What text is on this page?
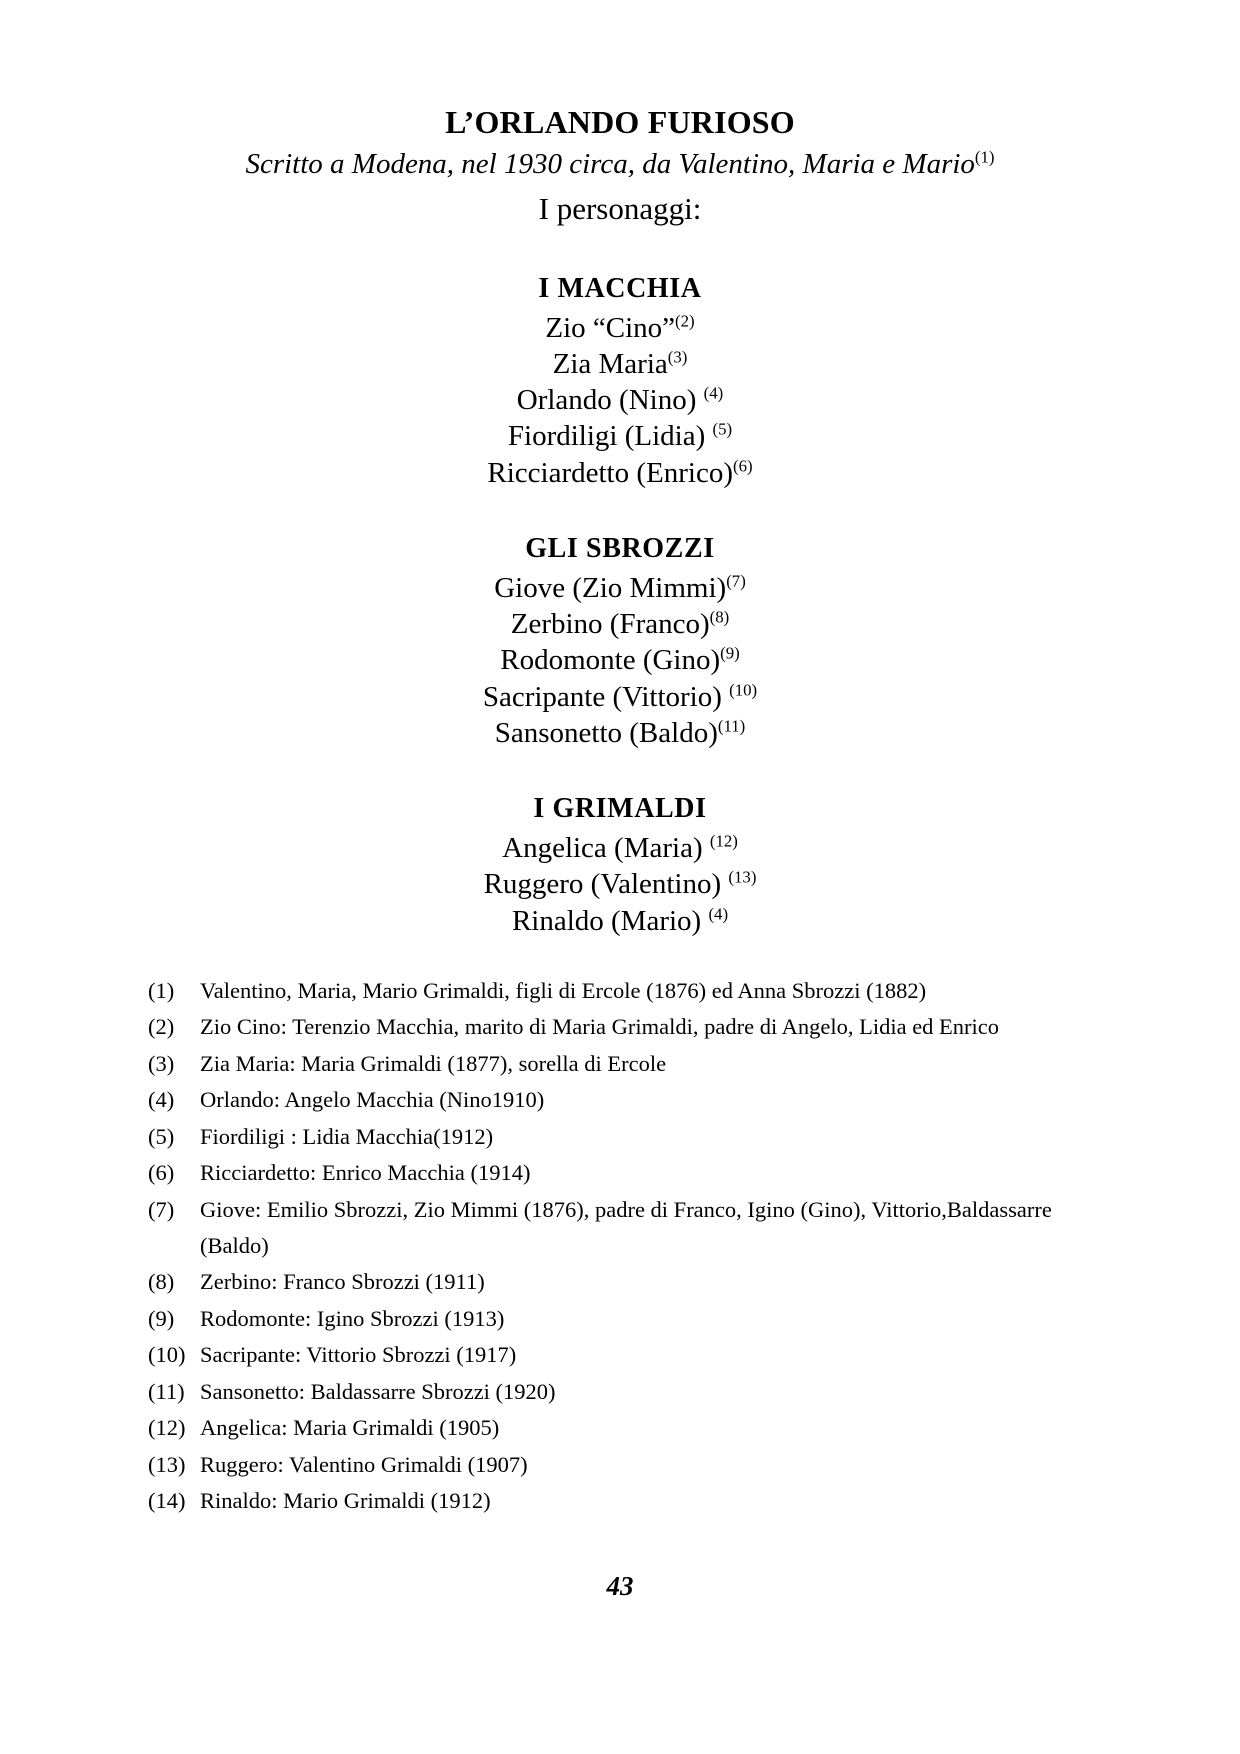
L’ORLANDO FURIOSO
Scritto a Modena, nel 1930 circa, da Valentino, Maria e Mario$^{(1)}$
I personaggi:
I MACCHIA
Zio “Cino”$^{(2)}$
Zia Maria$^{(3)}$
Orlando (Nino) $^{(4)}$
Fiordiligi (Lidia) $^{(5)}$
Ricciardetto (Enrico)$^{(6)}$
GLI SBROZZI
Giove (Zio Mimmi)$^{(7)}$
Zerbino (Franco)$^{(8)}$
Rodomonte (Gino)$^{(9)}$
Sacripante (Vittorio) $^{(10)}$
Sansonetto (Baldo)$^{(11)}$
I GRIMALDI
Angelica (Maria) $^{(12)}$
Ruggero (Valentino) $^{(13)}$
Rinaldo (Mario) $^{(4)}$
(1)	Valentino, Maria, Mario Grimaldi, figli di Ercole (1876) ed Anna Sbrozzi (1882)
(2)	Zio Cino: Terenzio Macchia, marito di Maria Grimaldi, padre di Angelo, Lidia ed Enrico
(3)	Zia Maria: Maria Grimaldi (1877), sorella di Ercole
(4)	Orlando: Angelo Macchia (Nino1910)
(5)	Fiordiligi : Lidia Macchia(1912)
(6)	Ricciardetto: Enrico Macchia (1914)
(7)	Giove: Emilio Sbrozzi, Zio Mimmi (1876), padre di Franco, Igino (Gino), Vittorio,Baldassarre (Baldo)
(8)	Zerbino: Franco Sbrozzi (1911)
(9)	Rodomonte: Igino Sbrozzi (1913)
(10) Sacripante: Vittorio Sbrozzi (1917)
(11) Sansonetto: Baldassarre Sbrozzi (1920)
(12) Angelica: Maria Grimaldi (1905)
(13) Ruggero: Valentino Grimaldi (1907)
(14) Rinaldo: Mario Grimaldi (1912)
43
